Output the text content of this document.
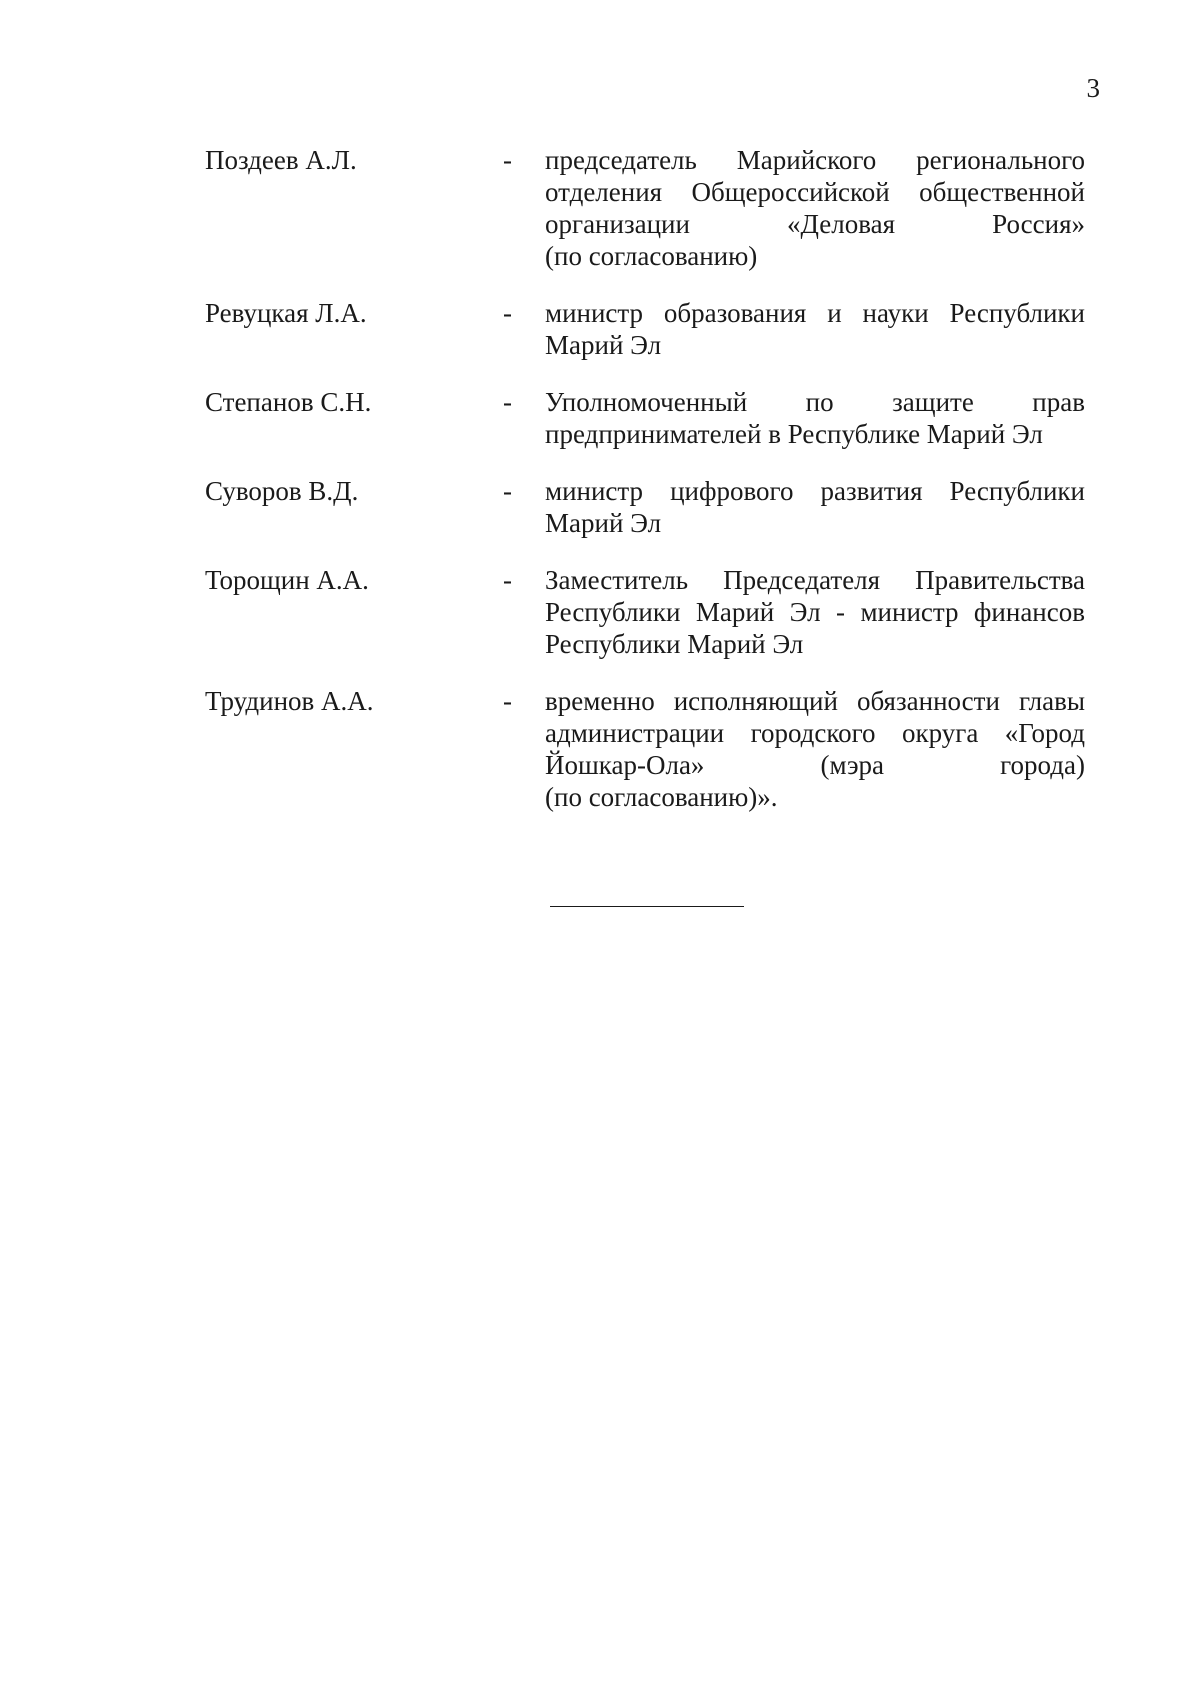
3
Поздеев А.Л.	- председатель Марийского регионального
отделения Общероссийской общественной
организации «Деловая Россия»
(по согласованию)
Ревуцкая Л.А.	- министр образования и науки Республики
Марий Эл
Степанов С.Н.	- Уполномоченный по защите прав
предпринимателей в Республике Марий Эл
Суворов В.Д.	- министр цифрового развития Республики
Марий Эл
Торощин А.А.	- Заместитель Председателя Правительства
Республики Марий Эл - министр финансов
Республики Марий Эл
Трудинов А.А.	- временно исполняющий обязанности главы
администрации городского округа «Город
Йошкар-Ола» (мэра города)
(по согласованию)».
